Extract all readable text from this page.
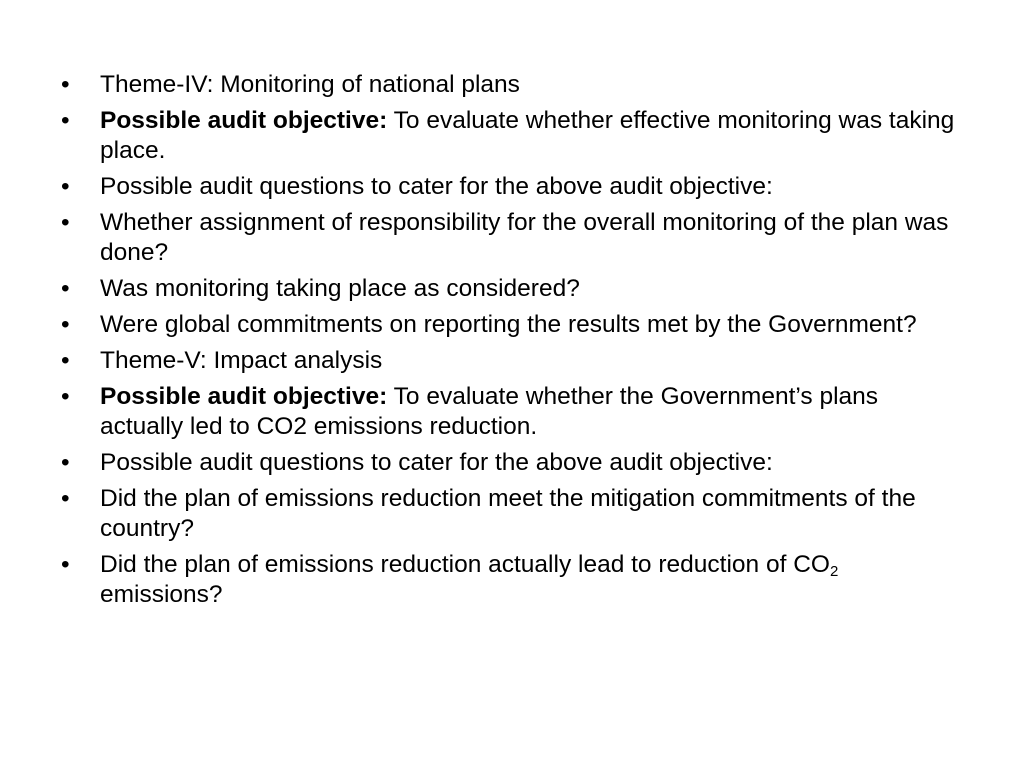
•	Theme-IV: Monitoring of national plans
•	Possible audit objective: To evaluate whether effective monitoring was taking place.
•	Possible audit questions to cater for the above audit objective:
•	Whether assignment of responsibility for the overall monitoring of the plan was done?
•	Was monitoring taking place as considered?
•	Were global commitments on reporting the results met by the Government?
•	Theme-V: Impact analysis
•	Possible audit objective: To evaluate whether the Government’s plans actually led to CO2 emissions reduction.
•	Possible audit questions to cater for the above audit objective:
•	Did the plan of emissions reduction meet the mitigation commitments of the country?
•	Did the plan of emissions reduction actually lead to reduction of $CO_2$ emissions?
